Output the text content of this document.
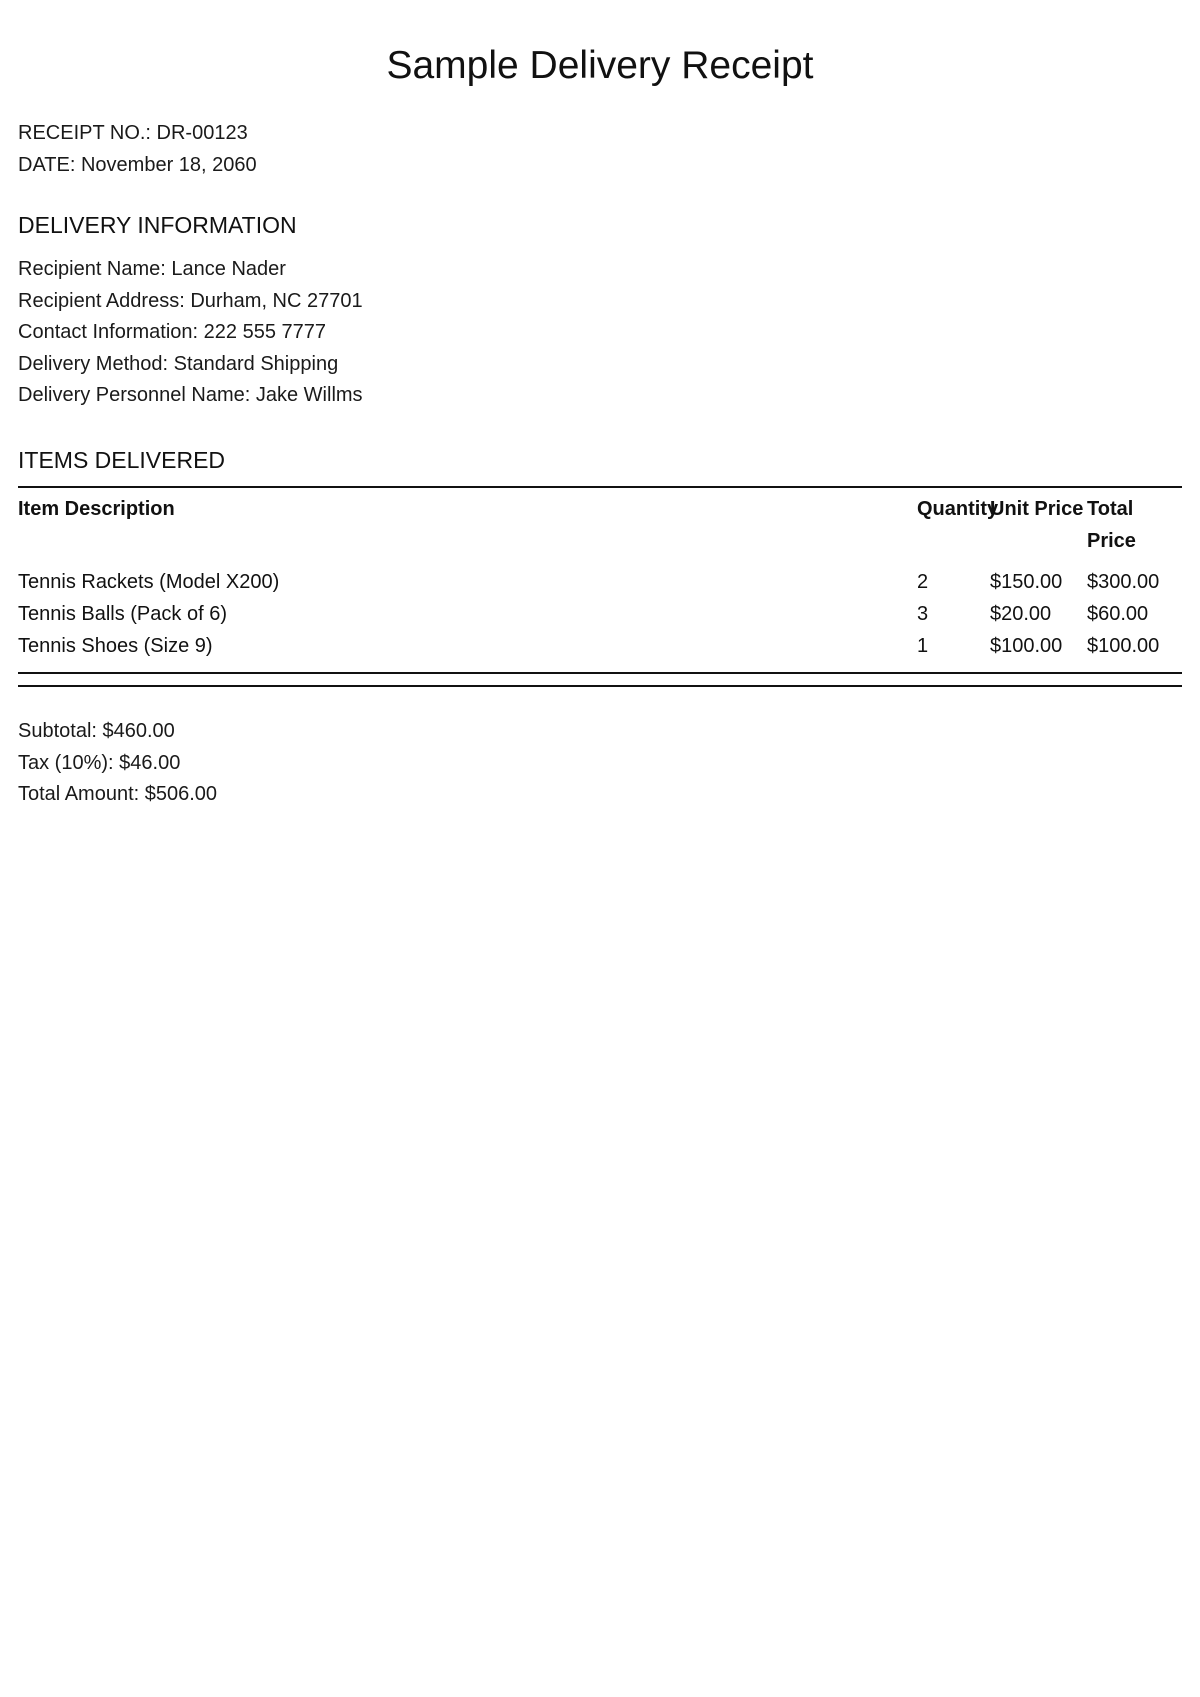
Sample Delivery Receipt
RECEIPT NO.: DR-00123
DATE: November 18, 2060
DELIVERY INFORMATION
Recipient Name: Lance Nader
Recipient Address: Durham, NC 27701
Contact Information: 222 555 7777
Delivery Method: Standard Shipping
Delivery Personnel Name: Jake Willms
ITEMS DELIVERED
Item Description	Quantity	Unit Price	Total Price
Tennis Rackets (Model X200)	2	$150.00	$300.00
Tennis Balls (Pack of 6)	3	$20.00	$60.00
Tennis Shoes (Size 9)	1	$100.00	$100.00
Subtotal: $460.00
Tax (10%): $46.00
Total Amount: $506.00
